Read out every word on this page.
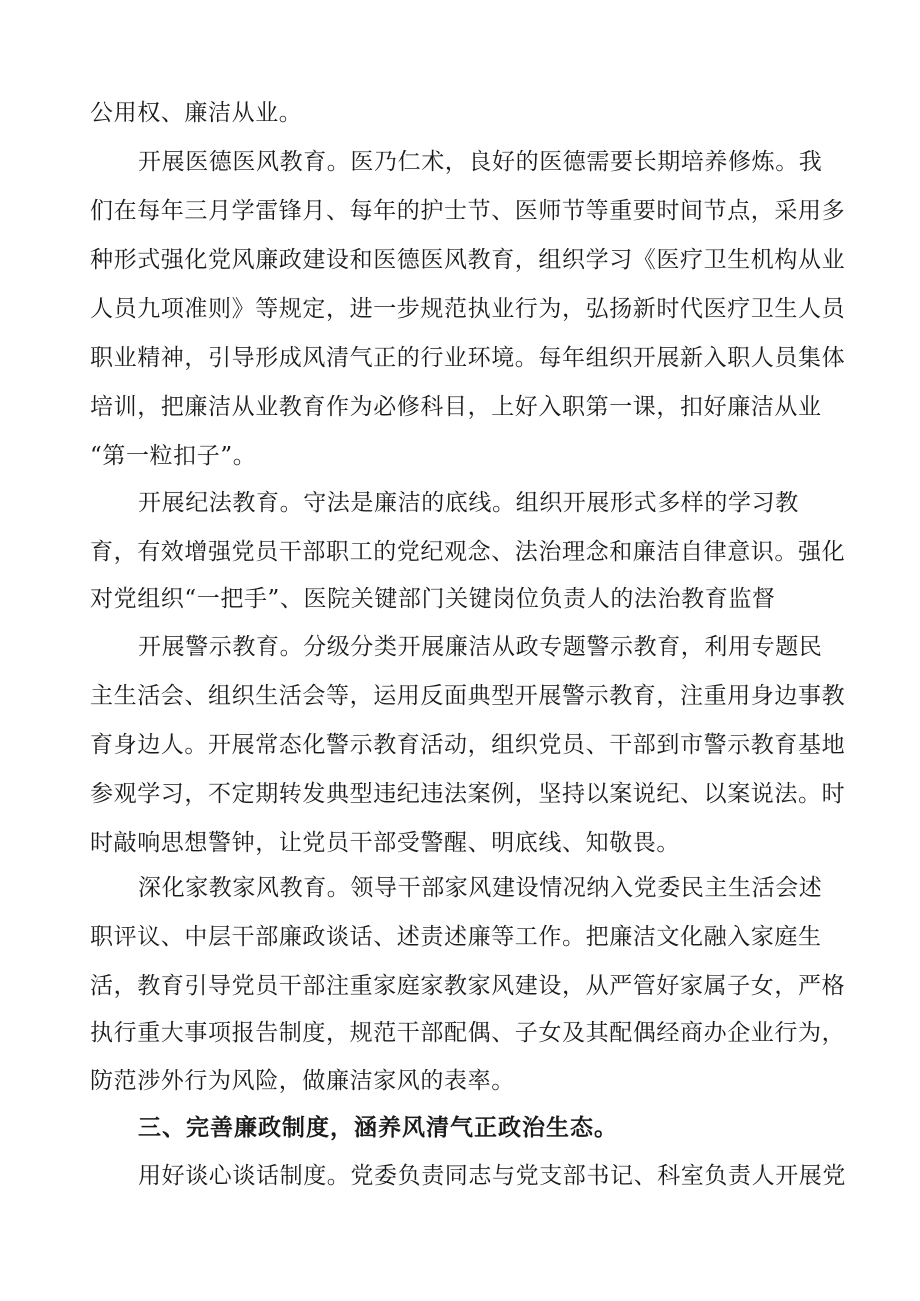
公用权、廉洁从业。
开展医德医风教育。医乃仁术，良好的医德需要长期培养修炼。我
们在每年三月学雷锋月、每年的护士节、医师节等重要时间节点，采用多
种形式强化党风廉政建设和医德医风教育，组织学习《医疗卫生机构从业
人员九项准则》等规定，进一步规范执业行为，弘扬新时代医疗卫生人员
职业精神，引导形成风清气正的行业环境。每年组织开展新入职人员集体
培训，把廉洁从业教育作为必修科目，上好入职第一课，扣好廉洁从业
“第一粒扣子”。
开展纪法教育。守法是廉洁的底线。组织开展形式多样的学习教
育，有效增强党员干部职工的党纪观念、法治理念和廉洁自律意识。强化
对党组织“一把手”、医院关键部门关键岗位负责人的法治教育监督
开展警示教育。分级分类开展廉洁从政专题警示教育，利用专题民
主生活会、组织生活会等，运用反面典型开展警示教育，注重用身边事教
育身边人。开展常态化警示教育活动，组织党员、干部到市警示教育基地
参观学习，不定期转发典型违纪违法案例，坚持以案说纪、以案说法。时
时敲响思想警钟，让党员干部受警醒、明底线、知敬畏。
深化家教家风教育。领导干部家风建设情况纳入党委民主生活会述
职评议、中层干部廉政谈话、述责述廉等工作。把廉洁文化融入家庭生
活，教育引导党员干部注重家庭家教家风建设，从严管好家属子女，严格
执行重大事项报告制度，规范干部配偶、子女及其配偶经商办企业行为，
防范涉外行为风险，做廉洁家风的表率。
三、完善廉政制度，涵养风清气正政治生态。
用好谈心谈话制度。党委负责同志与党支部书记、科室负责人开展党
